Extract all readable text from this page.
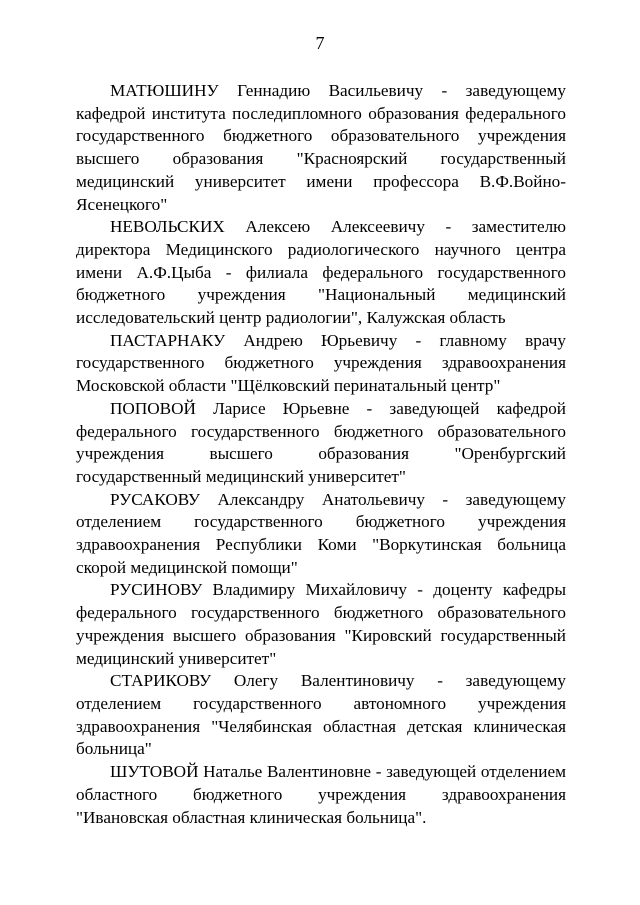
7

МАТЮШИНУ Геннадию Васильевичу - заведующему кафедрой института последипломного образования федерального государственного бюджетного образовательного учреждения высшего образования "Красноярский государственный медицинский университет имени профессора В.Ф.Войно-Ясенецкого"

НЕВОЛЬСКИХ Алексею Алексеевичу - заместителю директора Медицинского радиологического научного центра имени А.Ф.Цыба - филиала федерального государственного бюджетного учреждения "Национальный медицинский исследовательский центр радиологии", Калужская область

ПАСТАРНАКУ Андрею Юрьевичу - главному врачу государственного бюджетного учреждения здравоохранения Московской области "Щёлковский перинатальный центр"

ПОПОВОЙ Ларисе Юрьевне - заведующей кафедрой федерального государственного бюджетного образовательного учреждения высшего образования "Оренбургский государственный медицинский университет"

РУСАКОВУ Александру Анатольевичу - заведующему отделением государственного бюджетного учреждения здравоохранения Республики Коми "Воркутинская больница скорой медицинской помощи"

РУСИНОВУ Владимиру Михайловичу - доценту кафедры федерального государственного бюджетного образовательного учреждения высшего образования "Кировский государственный медицинский университет"

СТАРИКОВУ Олегу Валентиновичу - заведующему отделением государственного автономного учреждения здравоохранения "Челябинская областная детская клиническая больница"

ШУТОВОЙ Наталье Валентиновне - заведующей отделением областного бюджетного учреждения здравоохранения "Ивановская областная клиническая больница".
